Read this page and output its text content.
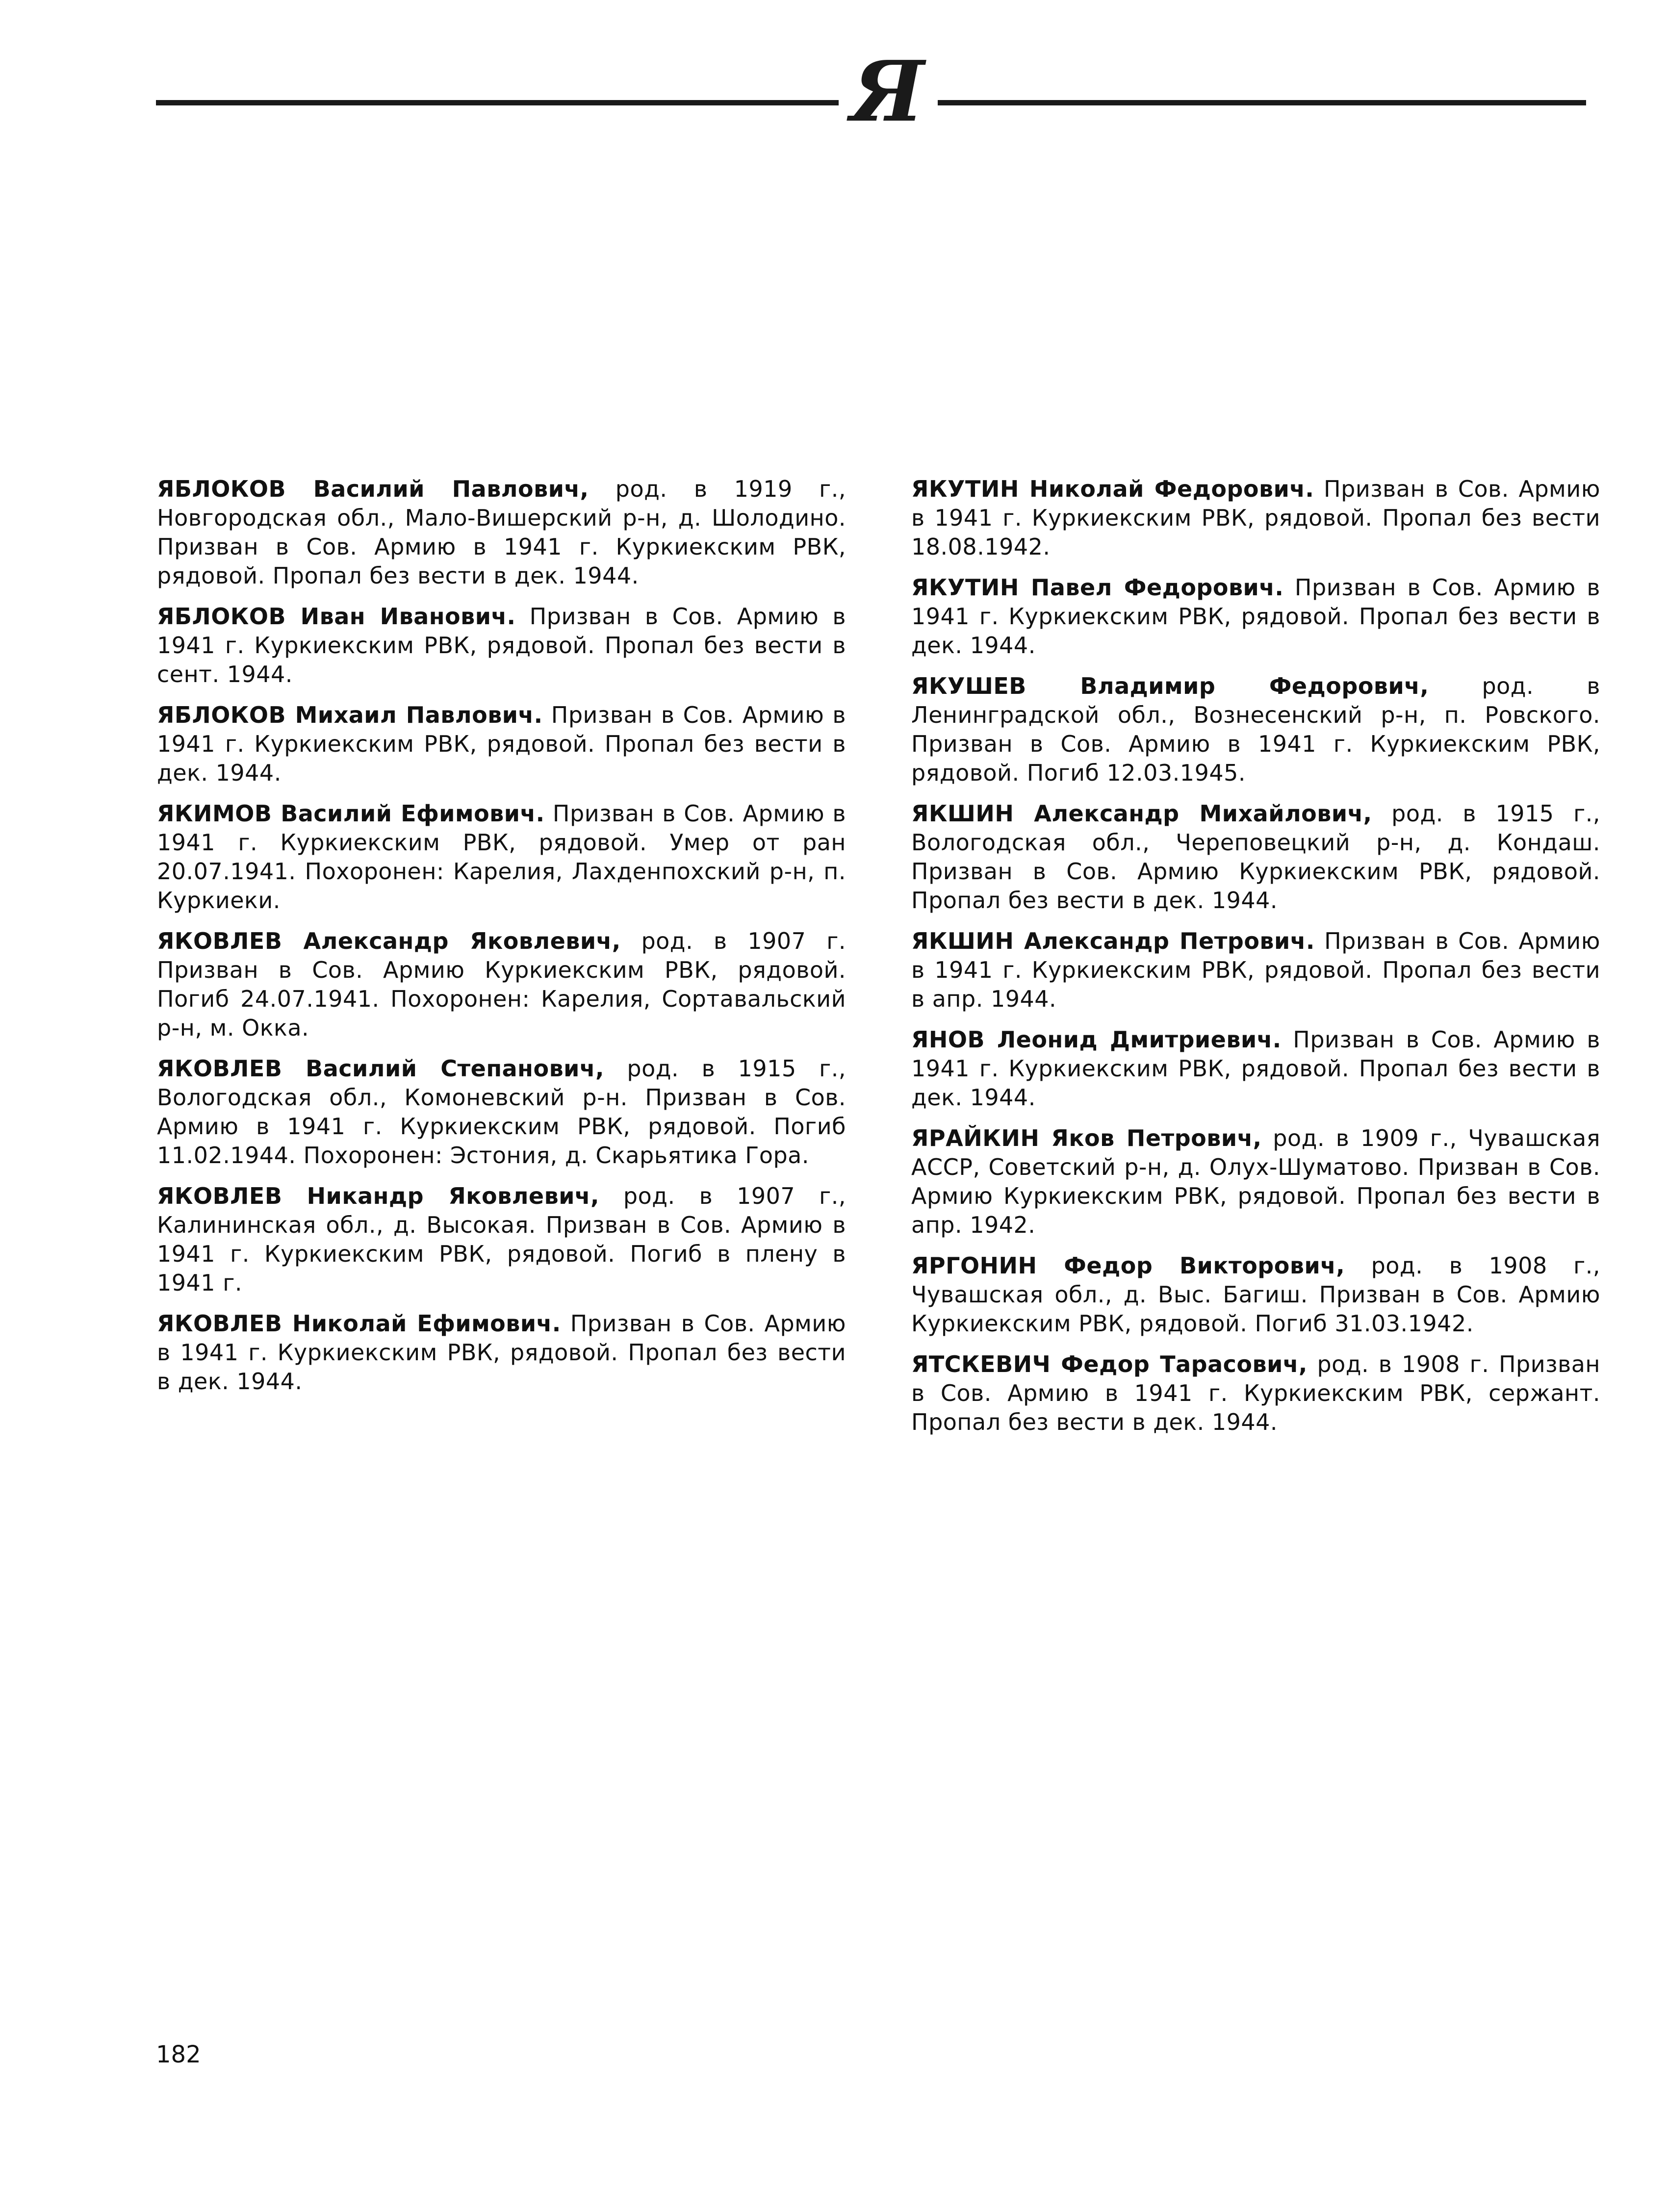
Я

ЯБЛОКОВ Василий Павлович, род. в 1919 г., Новгородская обл., Мало-Вишерский р-н, д. Шолодино. Призван в Сов. Армию в 1941 г. Куркиекским РВК, рядовой. Пропал без вести в дек. 1944.

ЯБЛОКОВ Иван Иванович. Призван в Сов. Армию в 1941 г. Куркиекским РВК, рядовой. Пропал без вести в сент. 1944.

ЯБЛОКОВ Михаил Павлович. Призван в Сов. Армию в 1941 г. Куркиекским РВК, рядовой. Пропал без вести в дек. 1944.

ЯКИМОВ Василий Ефимович. Призван в Сов. Армию в 1941 г. Куркиекским РВК, рядовой. Умер от ран 20.07.1941. Похоронен: Карелия, Лахденпохский р-н, п. Куркиеки.

ЯКОВЛЕВ Александр Яковлевич, род. в 1907 г. Призван в Сов. Армию Куркиекским РВК, рядовой. Погиб 24.07.1941. Похоронен: Карелия, Сортавальский р-н, м. Окка.

ЯКОВЛЕВ Василий Степанович, род. в 1915 г., Вологодская обл., Комоневский р-н. Призван в Сов. Армию в 1941 г. Куркиекским РВК, рядовой. Погиб 11.02.1944. Похоронен: Эстония, д. Скарьятика Гора.

ЯКОВЛЕВ Никандр Яковлевич, род. в 1907 г., Калининская обл., д. Высокая. Призван в Сов. Армию в 1941 г. Куркиекским РВК, рядовой. Погиб в плену в 1941 г.

ЯКОВЛЕВ Николай Ефимович. Призван в Сов. Армию в 1941 г. Куркиекским РВК, рядовой. Пропал без вести в дек. 1944.

ЯКУТИН Николай Федорович. Призван в Сов. Армию в 1941 г. Куркиекским РВК, рядовой. Пропал без вести 18.08.1942.

ЯКУТИН Павел Федорович. Призван в Сов. Армию в 1941 г. Куркиекским РВК, рядовой. Пропал без вести в дек. 1944.

ЯКУШЕВ Владимир Федорович, род. в Ленинградской обл., Вознесенский р-н, п. Ровского. Призван в Сов. Армию в 1941 г. Куркиекским РВК, рядовой. Погиб 12.03.1945.

ЯКШИН Александр Михайлович, род. в 1915 г., Вологодская обл., Череповецкий р-н, д. Кондаш. Призван в Сов. Армию Куркиекским РВК, рядовой. Пропал без вести в дек. 1944.

ЯКШИН Александр Петрович. Призван в Сов. Армию в 1941 г. Куркиекским РВК, рядовой. Пропал без вести в апр. 1944.

ЯНОВ Леонид Дмитриевич. Призван в Сов. Армию в 1941 г. Куркиекским РВК, рядовой. Пропал без вести в дек. 1944.

ЯРАЙКИН Яков Петрович, род. в 1909 г., Чувашская АССР, Советский р-н, д. Олух-Шуматово. Призван в Сов. Армию Куркиекским РВК, рядовой. Пропал без вести в апр. 1942.

ЯРГОНИН Федор Викторович, род. в 1908 г., Чувашская обл., д. Выс. Багиш. Призван в Сов. Армию Куркиекским РВК, рядовой. Погиб 31.03.1942.

ЯТСКЕВИЧ Федор Тарасович, род. в 1908 г. Призван в Сов. Армию в 1941 г. Куркиекским РВК, сержант. Пропал без вести в дек. 1944.

182
